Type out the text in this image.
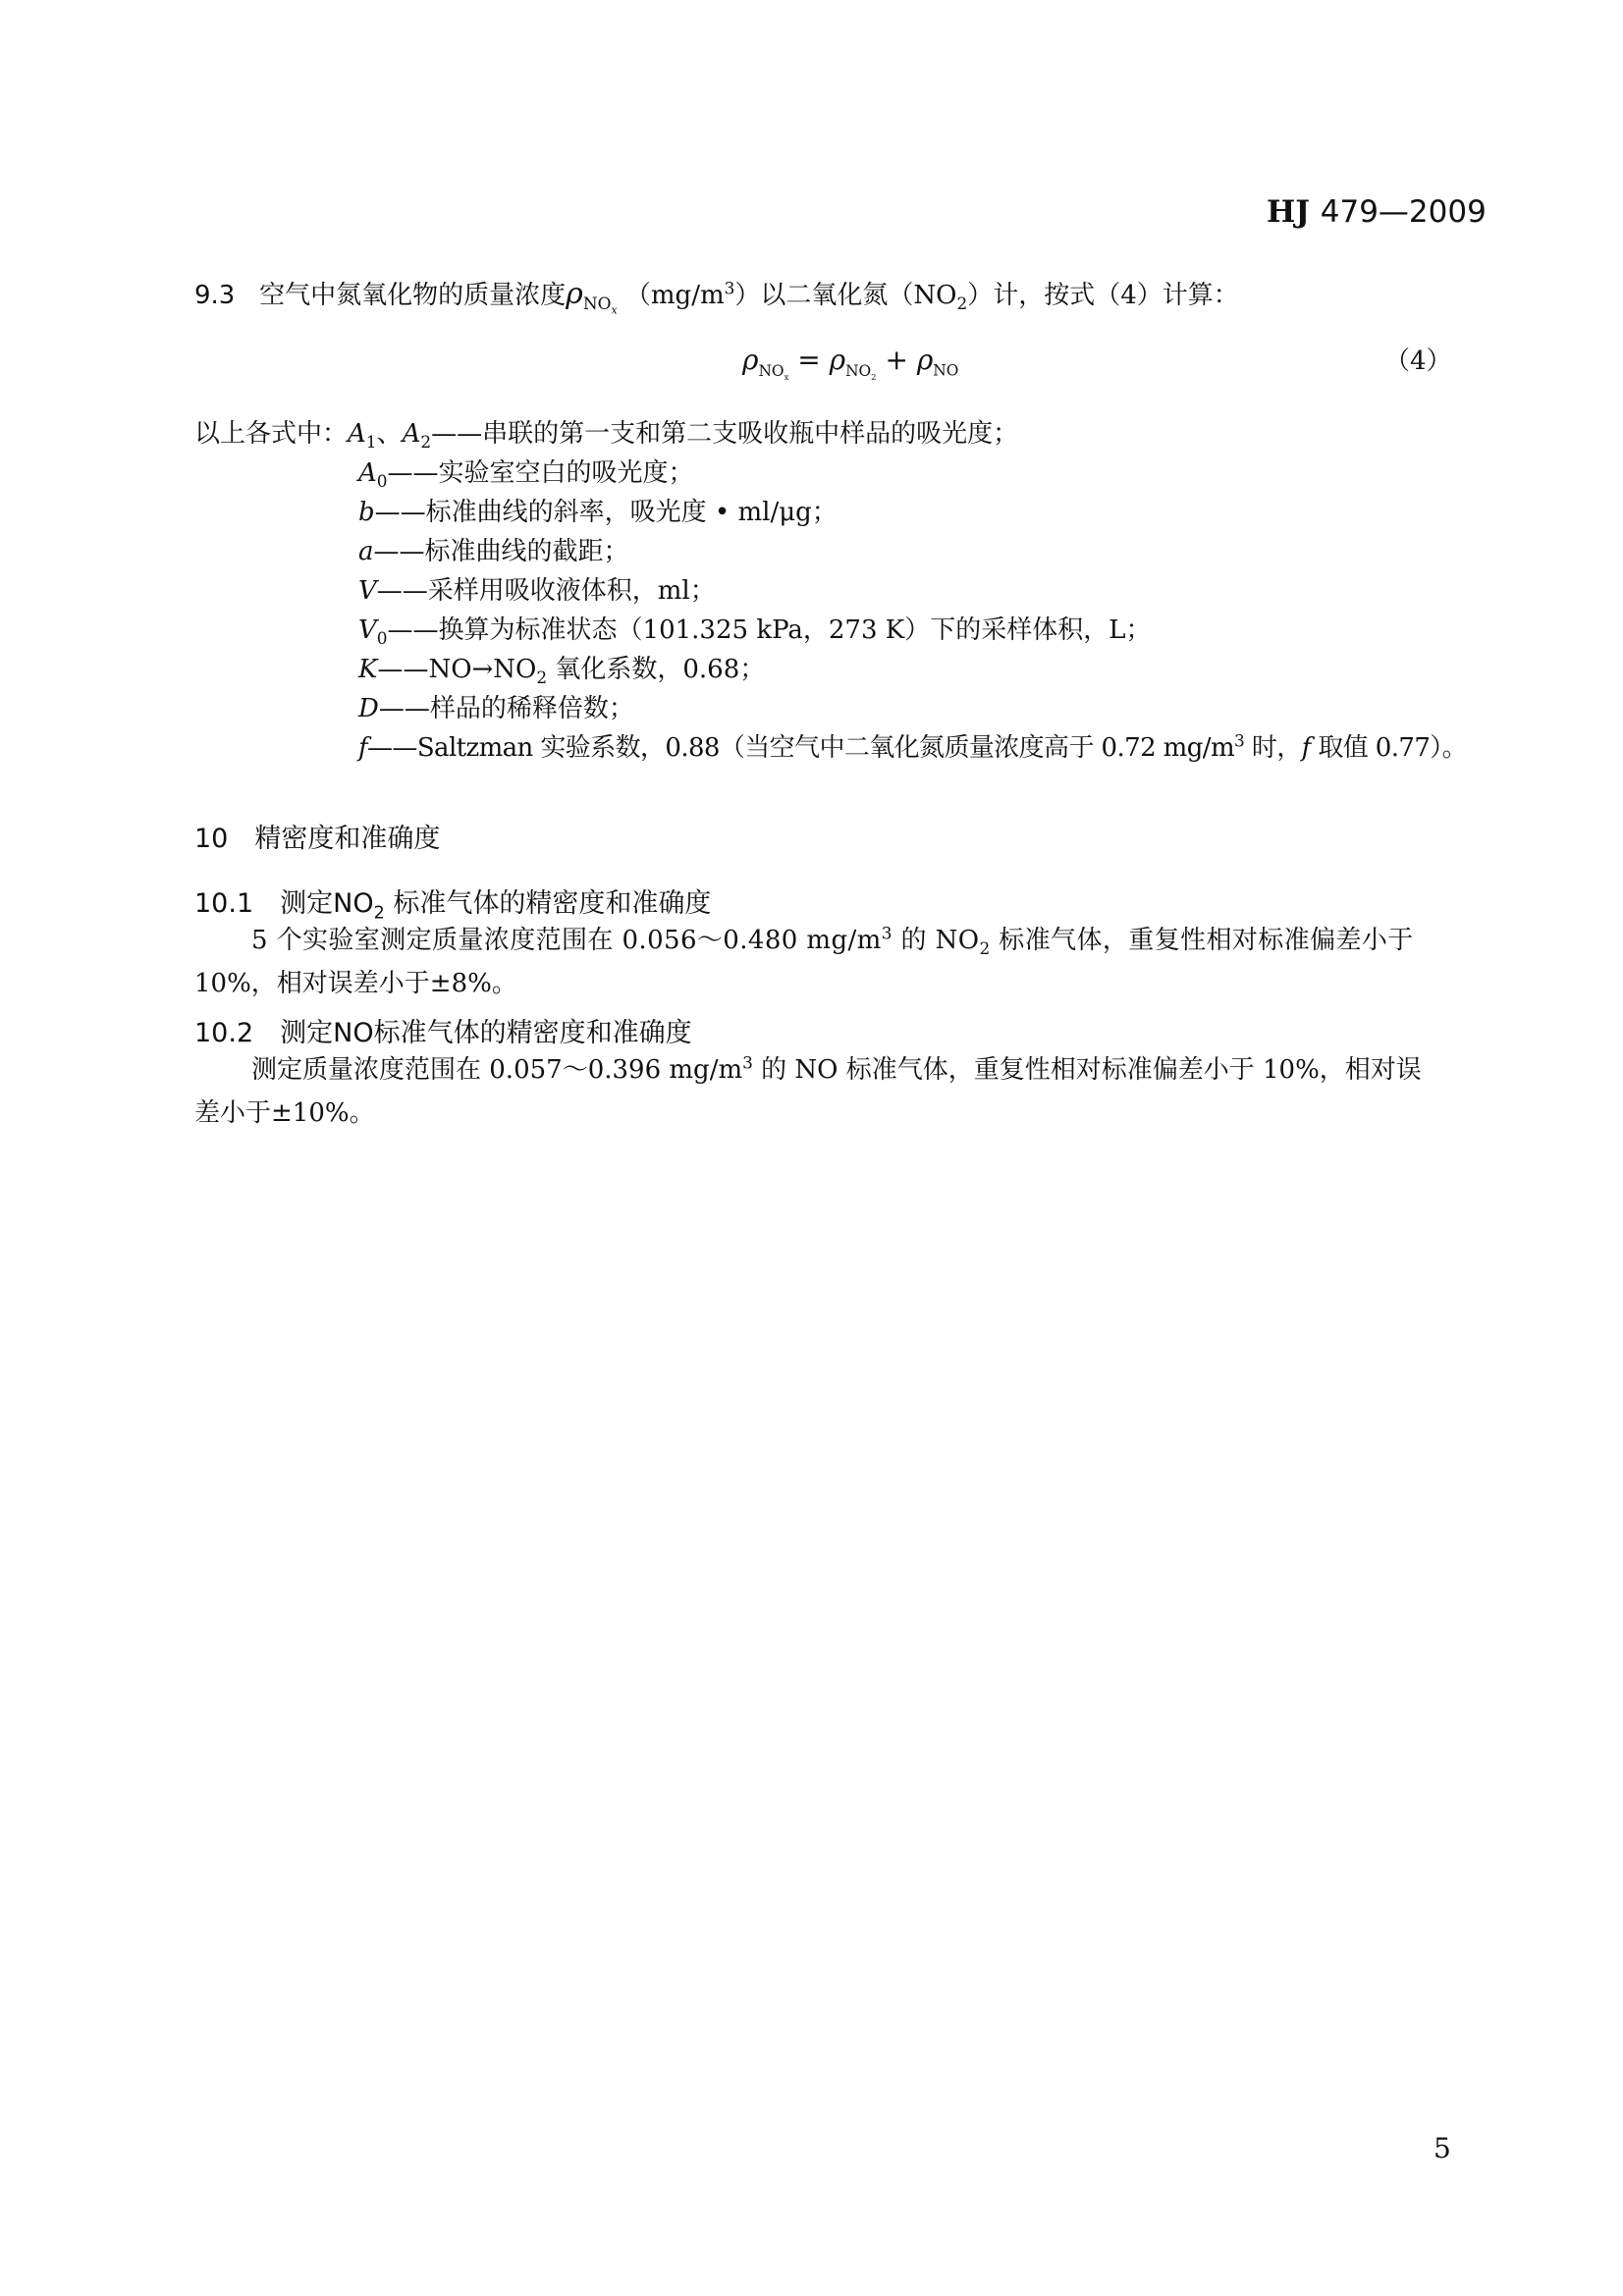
HJ 479—2009
9.3 空气中氮氧化物的质量浓度$\rho_{NO_x}$ $(mg/m^3)$以二氧化氮$(NO_2)$计，按式（4）计算：
$\rho_{NO_x} = \rho_{NO_2} + \rho_{NO}$	（4）
以上各式中：$A_1$、$A_2——$串联的第一支和第二支吸收瓶中样品的吸光度；
$A_0——$实验室空白的吸光度；
b——标准曲线的斜率，吸光度 • ml/μg；
a——标准曲线的截距；
V——采样用吸收液体积，ml；
$V_0——$换算为标准状态（101.325 kPa，273 K）下的采样体积，L；
$K——NO\to NO_2$ 氧化系数，0.68；
D——样品的稀释倍数；
f——Saltzman 实验系数，0.88（当空气中二氧化氮质量浓度高于 0.72 $mg/m^3$ 时，f 取值 0.77）。
10　精密度和准确度
10.1　测定$NO_2$ 标准气体的精密度和准确度
5 个实验室测定质量浓度范围在 0.056～0.480 $mg/m^3$ 的 $NO_2$ 标准气体，重复性相对标准偏差小于
10%，相对误差小于±8%。
10.2　测定NO标准气体的精密度和准确度
测定质量浓度范围在 0.057～0.396 $mg/m^3$ 的 NO 标准气体，重复性相对标准偏差小于 10%，相对误
差小于±10%。
5
